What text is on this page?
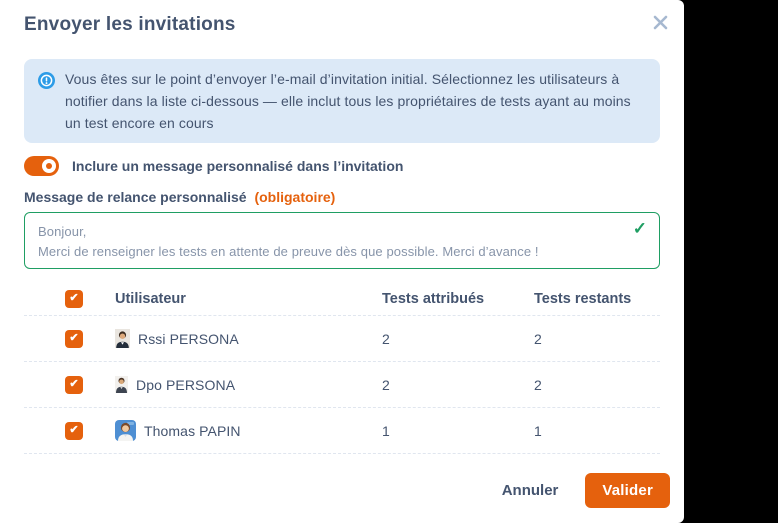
Envoyer les invitations
Vous êtes sur le point d’envoyer l’e-mail d’invitation initial. Sélectionnez les utilisateurs à notifier dans la liste ci-dessous — elle inclut tous les propriétaires de tests ayant au moins un test encore en cours
Inclure un message personnalisé dans l’invitation
Message de relance personnalisé (obligatoire)
Bonjour, Merci de renseigner les tests en attente de preuve dès que possible. Merci d’avance !
✓
✔	Utilisateur	Tests attribués	Tests restants
✔	Rssi PERSONA	2	2
✔	Dpo PERSONA	2	2
✔	Thomas PAPIN	1	1
Annuler	Valider
